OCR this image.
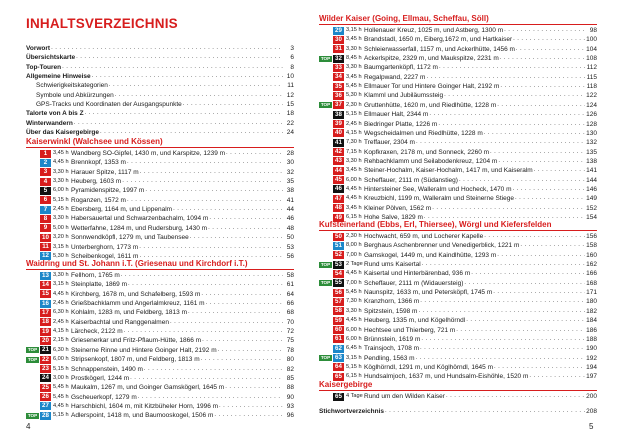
INHALTSVERZEICHNIS
Vorwort . . .	3
Übersichtskarte . . .	6
Top-Touren . . .	8
Allgemeine Hinweise . . .	10
Schwierigkeitskategorien . . .	11
Symbole und Abkürzungen . . .	12
GPS-Tracks und Koordinaten der Ausgangspunkte . . .	15
Talorte von A bis Z . . .	18
Winterwandern . . .	22
Über das Kaisergebirge . . .	24
Kaiserwinkl (Walchsee und Kössen)
1	3,45 h Wandberg SO-Gipfel, 1430 m, und Karspitze, 1239 m . . .	28
2	4,45 h Brennkopf, 1353 m . . .	30
3	3,30 h Harauer Spitze, 1117 m . . .	32
4	3,30 h Heuberg, 1603 m . . .	35
5	6,00 h Pyramidenspitze, 1997 m . . .	38
6	5,15 h Roganzen, 1572 m . . .	41
7	2,45 h Ebersberg, 1164 m, und Lippenalm . . .	44
8	3,30 h Habersauertal und Schwarzenbachalm, 1094 m . . .	46
9	5,00 h Wetterfahne, 1284 m, und Rudersburg, 1430 m . . .	48
10 3,20 h Sonnwendköpfl, 1279 m, und Taubensee . . .	50
11 3,15 h Unterberghorn, 1773 m . . .	53
12 5,30 h Scheibenkogel, 1611 m . . .	56
Waidring und St. Johann i.T. (Griesenau und Kirchdorf i.T.)
13 3,30 h Fellhorn, 1765 m . . .	58
14 3,15 h Steinplatte, 1869 m . . .	61
15 4,45 h Kirchberg, 1678 m, und Schafelberg, 1593 m . . .	64
16 2,45 h Grießbachklamm und Angerlalmkreuz, 1161 m . . .	66
17 6,30 h Kohlalm, 1283 m, und Feldberg, 1813 m . . .	68
18 2,45 h Kaiserbachtal und Ranggenalmen . . .	70
19 4,15 h Lärcheck, 2122 m . . .	72
20 2,15 h Griesenerkar und Fritz-Pflaum-Hütte, 1866 m . . .	75
TOP 21 6,30 h Steinerne Rinne und Hintere Goinger Halt, 2192 m . . .	78
TOP 22 6,00 h Stripsenkopf, 1807 m, und Feldberg, 1813 m . . .	80
23 5,15 h Schnappenstein, 1490 m . . .	82
24 3,00 h Prostkögerl, 1244 m . . .	85
25 5,45 h Maukalm, 1267 m, und Goinger Gamskögerl, 1645 m . . .	88
26 5,45 h Gscheuerkopf, 1279 m . . .	90
27 4,45 h Harschbichl, 1604 m, mit Kitzbüheler Horn, 1996 m . . .	93
TOP 28 5,15 h Adlerspoint, 1418 m, und Baumooskogel, 1506 m . . .	96
Wilder Kaiser (Going, Ellmau, Scheffau, Söll)
29 3,15 h Hollenauer Kreuz, 1025 m, und Astberg, 1300 m . . .	98
30 3,45 h Brandstadl, 1650 m, Eiberg,1672 m, und Hartkaiser . . .	100
31 3,30 h Schleierwasserfall, 1157 m, und Ackerlhütte, 1456 m . . .	104
TOP 32 8,45 h Ackerlspitze, 2329 m, und Maukspitze, 2231 m . . .	108
33 3,30 h Baumgartenköpfl, 1172 m . . .	112
34 3,45 h Regalpwand, 2227 m . . .	115
35 5,45 h Ellmauer Tor und Hintere Goinger Halt, 2192 m . . .	118
36 5,30 h Klamml und Jubiläumssteig . . .	122
TOP 37 2,30 h Gruttenhütte, 1620 m, und Riedlhütte, 1228 m . . .	124
38 5,15 h Ellmauer Halt, 2344 m . . .	126
39 2,45 h Biedringer Platte, 1226 m . . .	128
40 4,15 h Wegscheidalmen und Riedlhütte, 1228 m . . .	130
41 7,30 h Treffauer, 2304 m . . .	132
42 7,15 h Kopfkraxen, 2178 m, und Sonneck, 2260 m . . .	135
43 3,30 h Rehbachklamm und Seilabodenkreuz, 1204 m . . .	138
44 3,45 h Steiner-Hochalm, Kaiser-Hochalm, 1417 m, und Kaiseralm . . .	141
45 6,00 h Scheffauer, 2111 m (Südanstieg) . . .	144
46 4,45 h Hintersteiner See, Walleralm und Hocheck, 1470 m . . .	146
47 4,45 h Kreuzbichl, 1199 m, Walleralm und Steinerne Stiege . . .	149
48 3,45 h Kleiner Pölven, 1562 m . . .	152
49 6,15 h Hohe Salve, 1829 m . . .	154
Kufsteinerland (Ebbs, Erl, Thiersee), Wörgl und Kiefersfelden
50 2,30 h Hochwacht, 659 m, und Locherer Kapelle . . .	156
51 8,00 h Berghaus Aschenbrenner und Venedigerblick, 1221 m . . .	158
52 7,00 h Gamskogel, 1449 m, und Kaindlhütte, 1293 m . . .	160
TOP 53 2 Tage Rund ums Kaisertal . . .	162
54 4,45 h Kaisertal und Hinterbärenbad, 936 m . . .	166
TOP 55 7,00 h Scheffauer, 2111 m (Widauersteig) . . .	168
56 5,45 h Naunspitz, 1633 m, und Petersköpfl, 1745 m . . .	171
57 7,30 h Kranzhorn, 1366 m . . .	180
58 3,30 h Spitzstein, 1598 m . . .	182
59 4,45 h Heuberg, 1335 m, und Kögelhörndl . . .	184
60 6,00 h Hechtsee und Thierberg, 721 m . . .	186
61 6,00 h Brünnstein, 1619 m . . .	188
62 6,45 h Trainsjoch, 1708 m . . .	190
TOP 63 3,15 h Pendling, 1563 m . . .	192
64 5,15 h Köglhörndl, 1291 m, und Köglhörndl, 1645 m . . .	194
65 6,15 h Hundsalmjoch, 1637 m, und Hundsalm-Eishöhle, 1520 m . . .	197
Kaisergebirge
65 4 Tage Rund um den Wilden Kaiser . . .	200
Stichwortverzeichnis . . .	208
4	5
